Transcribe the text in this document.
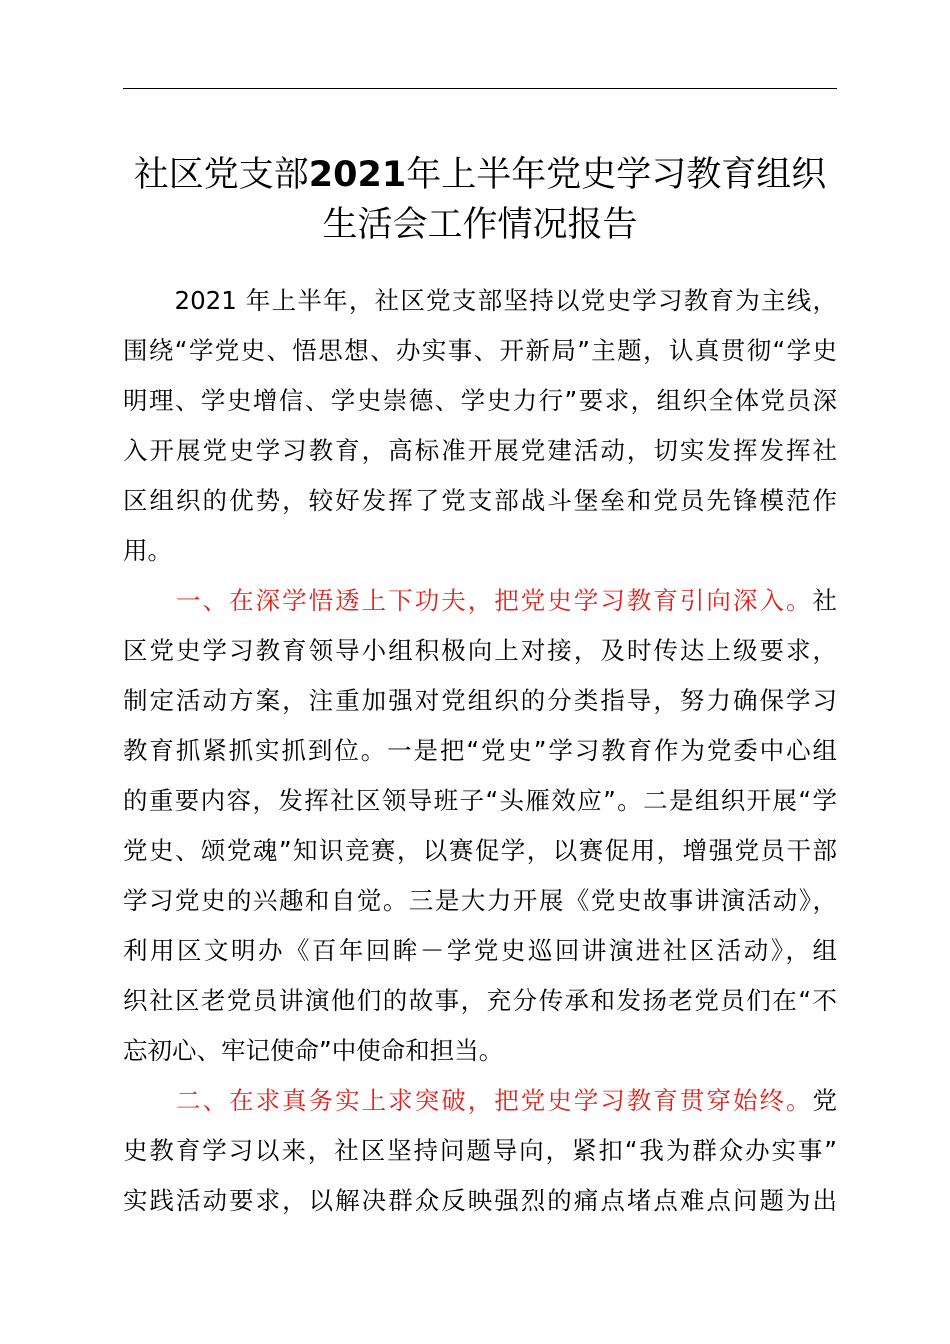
社区党支部2021年上半年党史学习教育组织
生活会工作情况报告
　　2021 年上半年，社区党支部坚持以党史学习教育为主线，
围绕“学党史、悟思想、办实事、开新局”主题，认真贯彻“学史
明理、学史增信、学史崇德、学史力行”要求，组织全体党员深
入开展党史学习教育，高标准开展党建活动，切实发挥发挥社
区组织的优势，较好发挥了党支部战斗堡垒和党员先锋模范作
用。
　　一、在深学悟透上下功夫，把党史学习教育引向深入。社
区党史学习教育领导小组积极向上对接，及时传达上级要求，
制定活动方案，注重加强对党组织的分类指导，努力确保学习
教育抓紧抓实抓到位。一是把“党史”学习教育作为党委中心组
的重要内容，发挥社区领导班子“头雁效应”。二是组织开展“学
党史、颂党魂”知识竞赛，以赛促学，以赛促用，增强党员干部
学习党史的兴趣和自觉。三是大力开展《党史故事讲演活动》，
利用区文明办《百年回眸－学党史巡回讲演进社区活动》，组
织社区老党员讲演他们的故事，充分传承和发扬老党员们在“不
忘初心、牢记使命”中使命和担当。
　　二、在求真务实上求突破，把党史学习教育贯穿始终。党
史教育学习以来，社区坚持问题导向，紧扣“我为群众办实事”
实践活动要求，以解决群众反映强烈的痛点堵点难点问题为出
